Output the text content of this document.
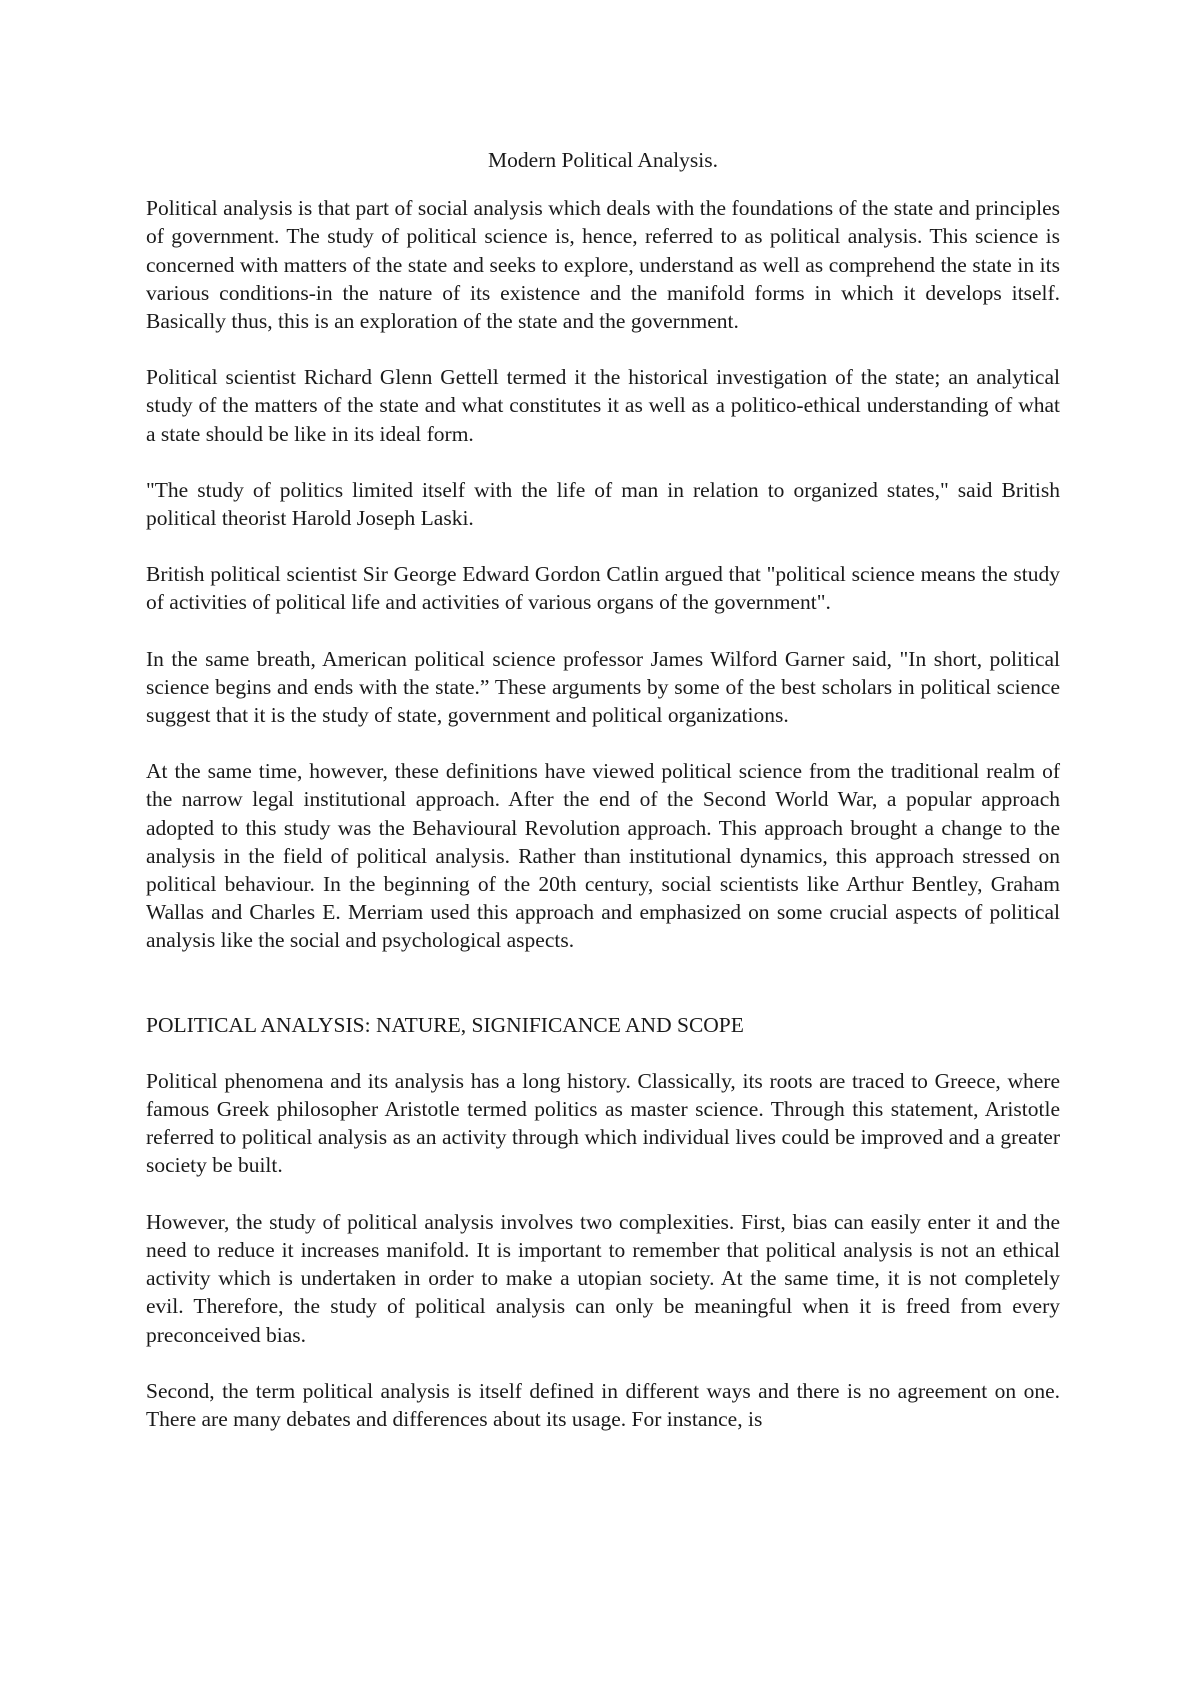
Modern Political Analysis.

Political analysis is that part of social analysis which deals with the foundations of the state and principles of government. The study of political science is, hence, referred to as political analysis. This science is concerned with matters of the state and seeks to explore, understand as well as comprehend the state in its various conditions-in the nature of its existence and the manifold forms in which it develops itself. Basically thus, this is an exploration of the state and the government.

Political scientist Richard Glenn Gettell termed it the historical investigation of the state; an analytical study of the matters of the state and what constitutes it as well as a politico-ethical understanding of what a state should be like in its ideal form.

"The study of politics limited itself with the life of man in relation to organized states," said British political theorist Harold Joseph Laski.

British political scientist Sir George Edward Gordon Catlin argued that "political science means the study of activities of political life and activities of various organs of the government".

In the same breath, American political science professor James Wilford Garner said, "In short, political science begins and ends with the state.” These arguments by some of the best scholars in political science suggest that it is the study of state, government and political organizations.

At the same time, however, these definitions have viewed political science from the traditional realm of the narrow legal institutional approach. After the end of the Second World War, a popular approach adopted to this study was the Behavioural Revolution approach. This approach brought a change to the analysis in the field of political analysis. Rather than institutional dynamics, this approach stressed on political behaviour. In the beginning of the 20th century, social scientists like Arthur Bentley, Graham Wallas and Charles E. Merriam used this approach and emphasized on some crucial aspects of political analysis like the social and psychological aspects.

POLITICAL ANALYSIS: NATURE, SIGNIFICANCE AND SCOPE

Political phenomena and its analysis has a long history. Classically, its roots are traced to Greece, where famous Greek philosopher Aristotle termed politics as master science. Through this statement, Aristotle referred to political analysis as an activity through which individual lives could be improved and a greater society be built.

However, the study of political analysis involves two complexities. First, bias can easily enter it and the need to reduce it increases manifold. It is important to remember that political analysis is not an ethical activity which is undertaken in order to make a utopian society. At the same time, it is not completely evil. Therefore, the study of political analysis can only be meaningful when it is freed from every preconceived bias.

Second, the term political analysis is itself defined in different ways and there is no agreement on one. There are many debates and differences about its usage. For instance, is
